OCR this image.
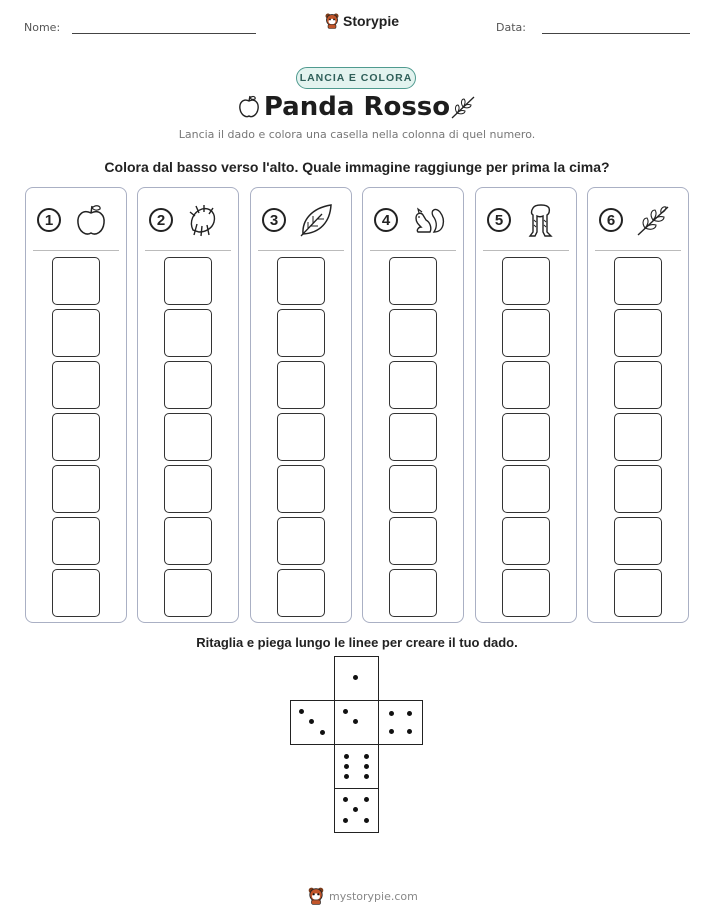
Nome:	Storypie	Data:
LANCIA E COLORA
Panda Rosso
Lancia il dado e colora una casella nella colonna di quel numero.
Colora dal basso verso l'alto. Quale immagine raggiunge per prima la cima?
1	2	3	4	5	6
Ritaglia e piega lungo le linee per creare il tuo dado.
mystorypie.com
